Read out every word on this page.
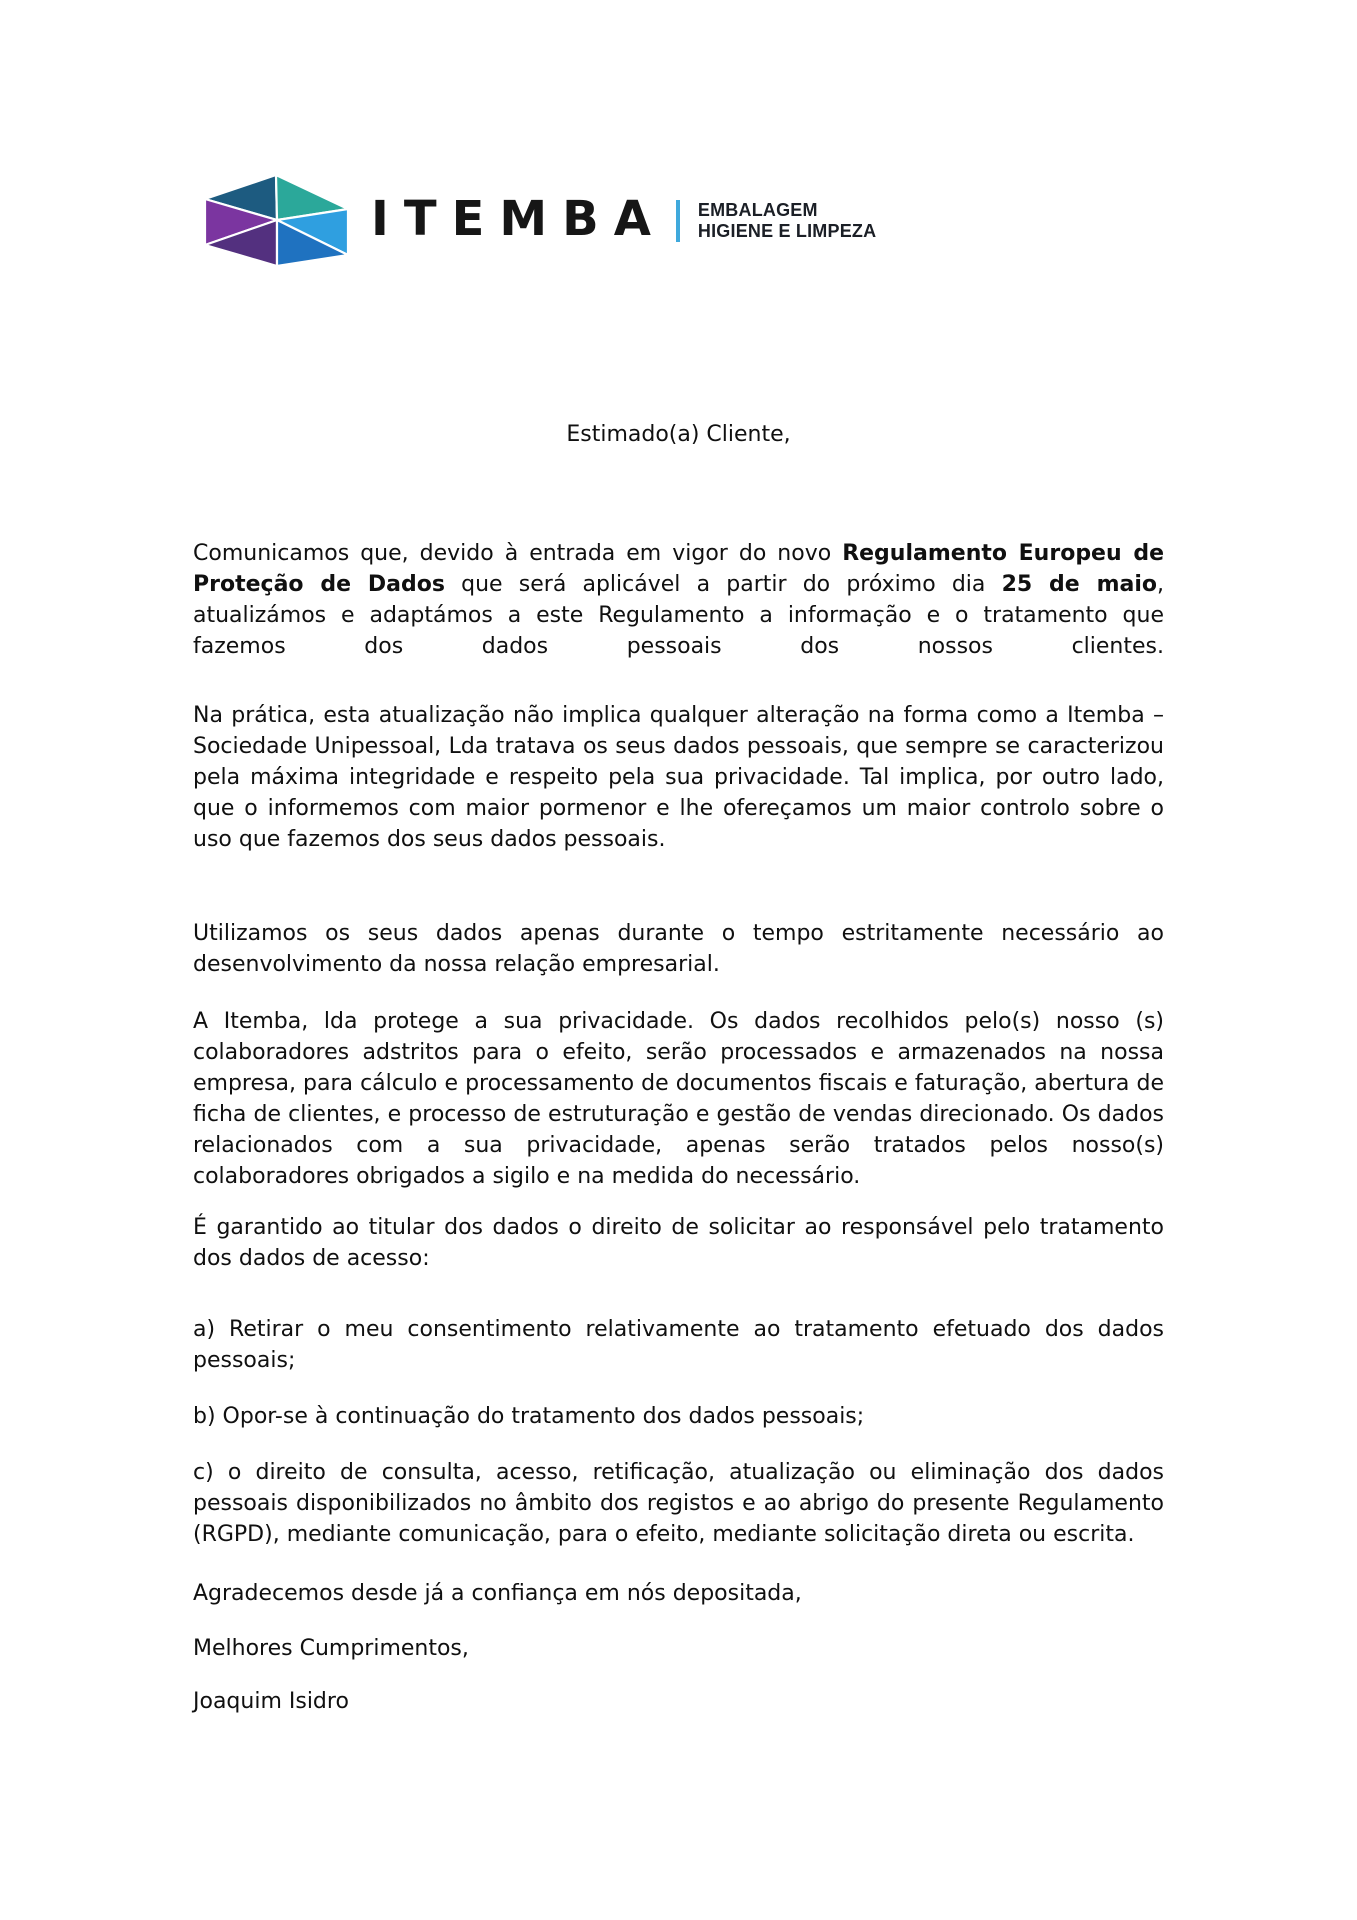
ITEMBA EMBALAGEM
HIGIENE E LIMPEZA

Estimado(a) Cliente,

Comunicamos que, devido à entrada em vigor do novo Regulamento Europeu de Proteção de Dados que será aplicável a partir do próximo dia 25 de maio, atualizámos e adaptámos a este Regulamento a informação e o tratamento que fazemos dos dados pessoais dos nossos clientes.

Na prática, esta atualização não implica qualquer alteração na forma como a Itemba – Sociedade Unipessoal, Lda tratava os seus dados pessoais, que sempre se caracterizou pela máxima integridade e respeito pela sua privacidade. Tal implica, por outro lado, que o informemos com maior pormenor e lhe ofereçamos um maior controlo sobre o uso que fazemos dos seus dados pessoais.

Utilizamos os seus dados apenas durante o tempo estritamente necessário ao desenvolvimento da nossa relação empresarial.

A Itemba, lda protege a sua privacidade. Os dados recolhidos pelo(s) nosso (s) colaboradores adstritos para o efeito, serão processados e armazenados na nossa empresa, para cálculo e processamento de documentos fiscais e faturação, abertura de ficha de clientes, e processo de estruturação e gestão de vendas direcionado. Os dados relacionados com a sua privacidade, apenas serão tratados pelos nosso(s) colaboradores obrigados a sigilo e na medida do necessário.

É garantido ao titular dos dados o direito de solicitar ao responsável pelo tratamento dos dados de acesso:

a) Retirar o meu consentimento relativamente ao tratamento efetuado dos dados pessoais;

b) Opor-se à continuação do tratamento dos dados pessoais;

c) o direito de consulta, acesso, retificação, atualização ou eliminação dos dados pessoais disponibilizados no âmbito dos registos e ao abrigo do presente Regulamento (RGPD), mediante comunicação, para o efeito, mediante solicitação direta ou escrita.

Agradecemos desde já a confiança em nós depositada,

Melhores Cumprimentos,

Joaquim Isidro
